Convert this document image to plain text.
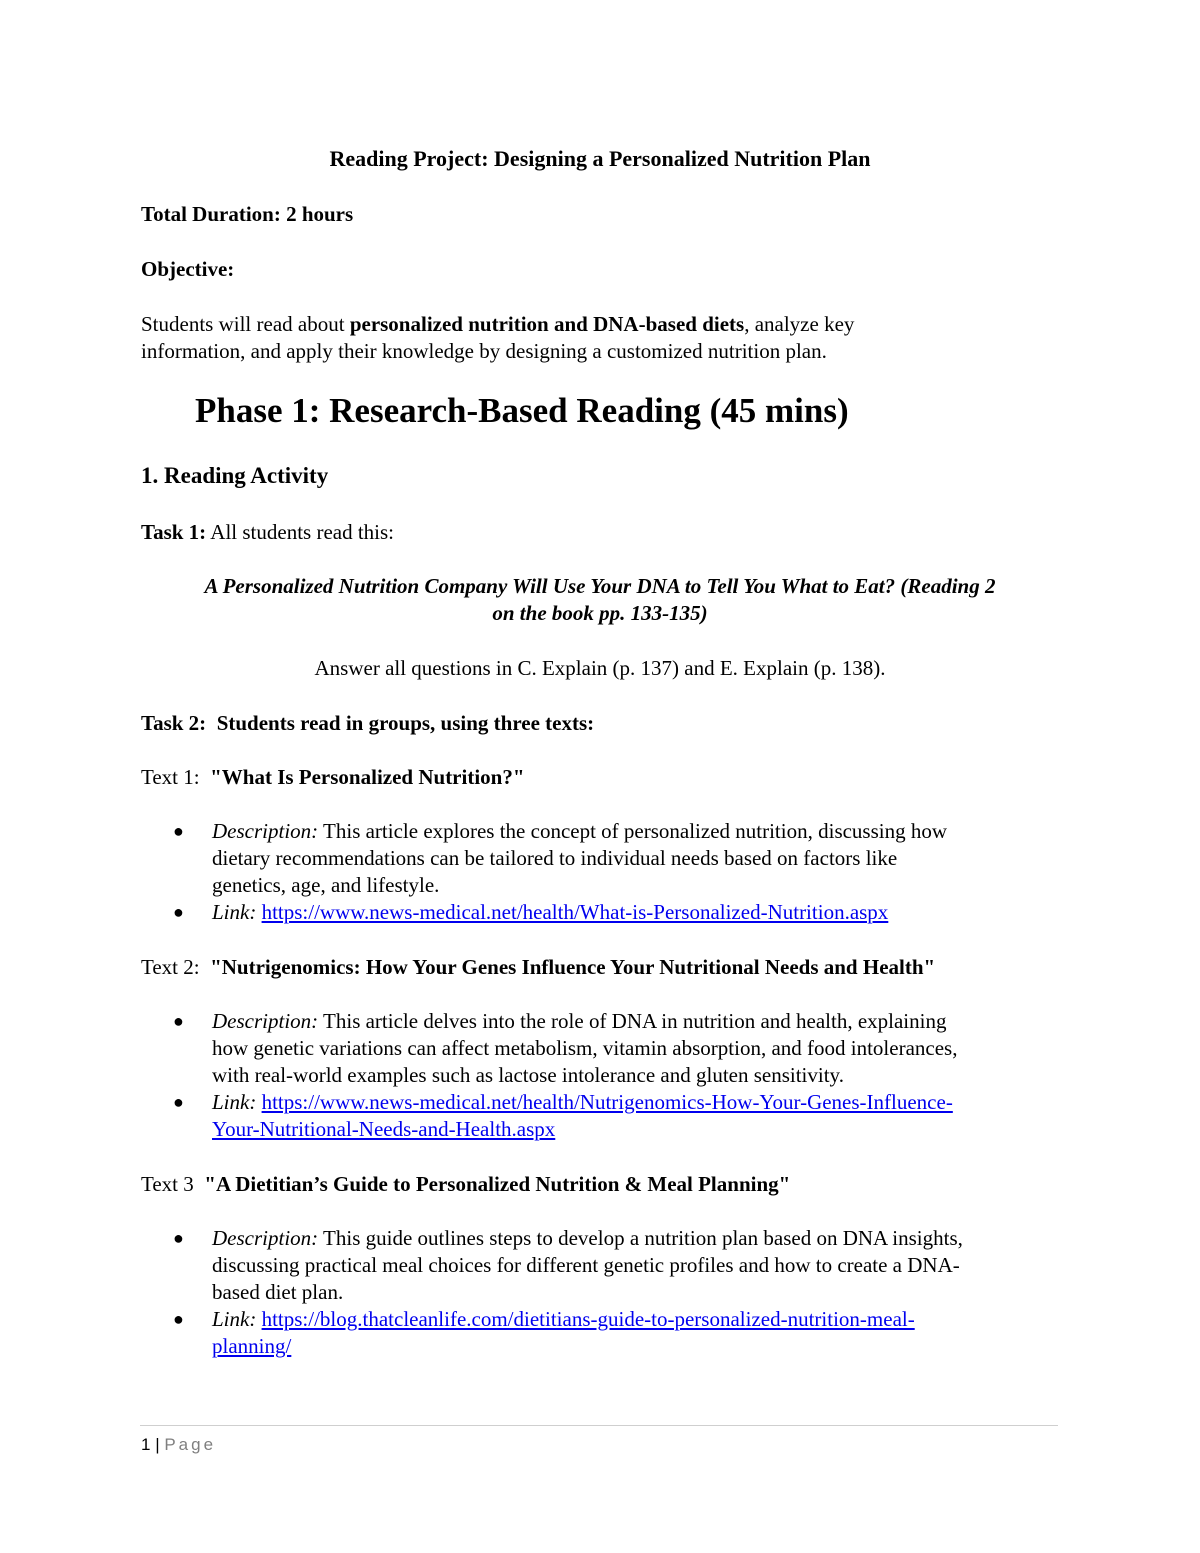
Reading Project: Designing a Personalized Nutrition Plan
Total Duration: 2 hours
Objective:
Students will read about personalized nutrition and DNA-based diets, analyze key
information, and apply their knowledge by designing a customized nutrition plan.
Phase 1: Research-Based Reading (45 mins)
1. Reading Activity
Task 1: All students read this:
A Personalized Nutrition Company Will Use Your DNA to Tell You What to Eat? (Reading 2
on the book pp. 133-135)
Answer all questions in C. Explain (p. 137) and E. Explain (p. 138).
Task 2:  Students read in groups, using three texts:
Text 1:  "What Is Personalized Nutrition?"
● Description: This article explores the concept of personalized nutrition, discussing how
dietary recommendations can be tailored to individual needs based on factors like
genetics, age, and lifestyle.
● Link: https://www.news-medical.net/health/What-is-Personalized-Nutrition.aspx
Text 2:  "Nutrigenomics: How Your Genes Influence Your Nutritional Needs and Health"
● Description: This article delves into the role of DNA in nutrition and health, explaining
how genetic variations can affect metabolism, vitamin absorption, and food intolerances,
with real-world examples such as lactose intolerance and gluten sensitivity.
● Link: https://www.news-medical.net/health/Nutrigenomics-How-Your-Genes-Influence-
Your-Nutritional-Needs-and-Health.aspx
Text 3  "A Dietitian’s Guide to Personalized Nutrition & Meal Planning"
● Description: This guide outlines steps to develop a nutrition plan based on DNA insights,
discussing practical meal choices for different genetic profiles and how to create a DNA-
based diet plan.
● Link: https://blog.thatcleanlife.com/dietitians-guide-to-personalized-nutrition-meal-
planning/
1 | Page
